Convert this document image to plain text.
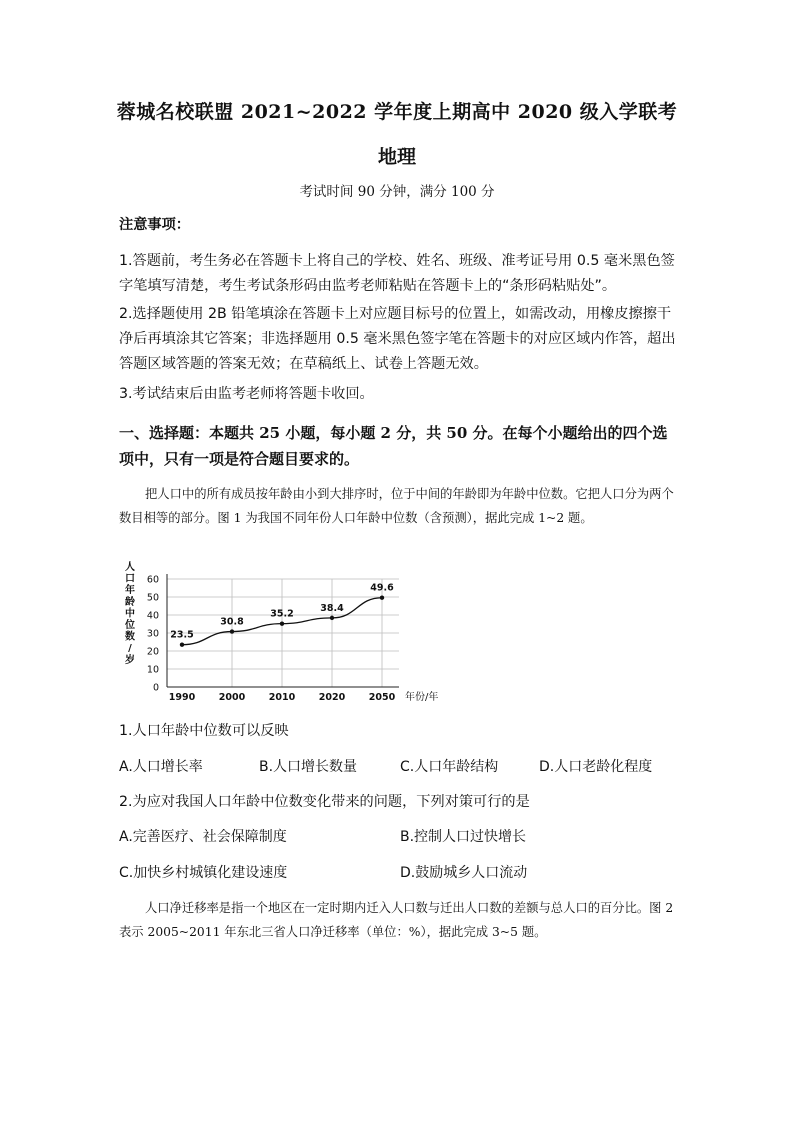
蓉城名校联盟 2021~2022 学年度上期高中 2020 级入学联考
地理
考试时间 90 分钟，满分 100 分
注意事项：
1.答题前，考生务必在答题卡上将自己的学校、姓名、班级、准考证号用 0.5 毫米黑色签字笔填写清楚，考生考试条形码由监考老师粘贴在答题卡上的“条形码粘贴处”。
2.选择题使用 2B 铅笔填涂在答题卡上对应题目标号的位置上，如需改动，用橡皮擦擦干净后再填涂其它答案；非选择题用 0.5 毫米黑色签字笔在答题卡的对应区域内作答，超出答题区域答题的答案无效；在草稿纸上、试卷上答题无效。
3.考试结束后由监考老师将答题卡收回。
一、选择题：本题共 25 小题，每小题 2 分，共 50 分。在每个小题给出的四个选项中，只有一项是符合题目要求的。
把人口中的所有成员按年龄由小到大排序时，位于中间的年龄即为年龄中位数。它把人口分为两个数目相等的部分。图 1 为我国不同年份人口年龄中位数（含预测），据此完成 1~2 题。
人
口
年
龄
中
位
数
/
岁
0
10
20
30
40
50
60
1990 2000 2010 2020 2050
23.5
30.8
35.2
38.4
49.6
年份/年
1.人口年龄中位数可以反映
A.人口增长率	B.人口增长数量	C.人口年龄结构	D.人口老龄化程度
2.为应对我国人口年龄中位数变化带来的问题，下列对策可行的是
A.完善医疗、社会保障制度	B.控制人口过快增长
C.加快乡村城镇化建设速度	D.鼓励城乡人口流动
人口净迁移率是指一个地区在一定时期内迁入人口数与迁出人口数的差额与总人口的百分比。图 2 表示 2005~2011 年东北三省人口净迁移率（单位：%），据此完成 3~5 题。
